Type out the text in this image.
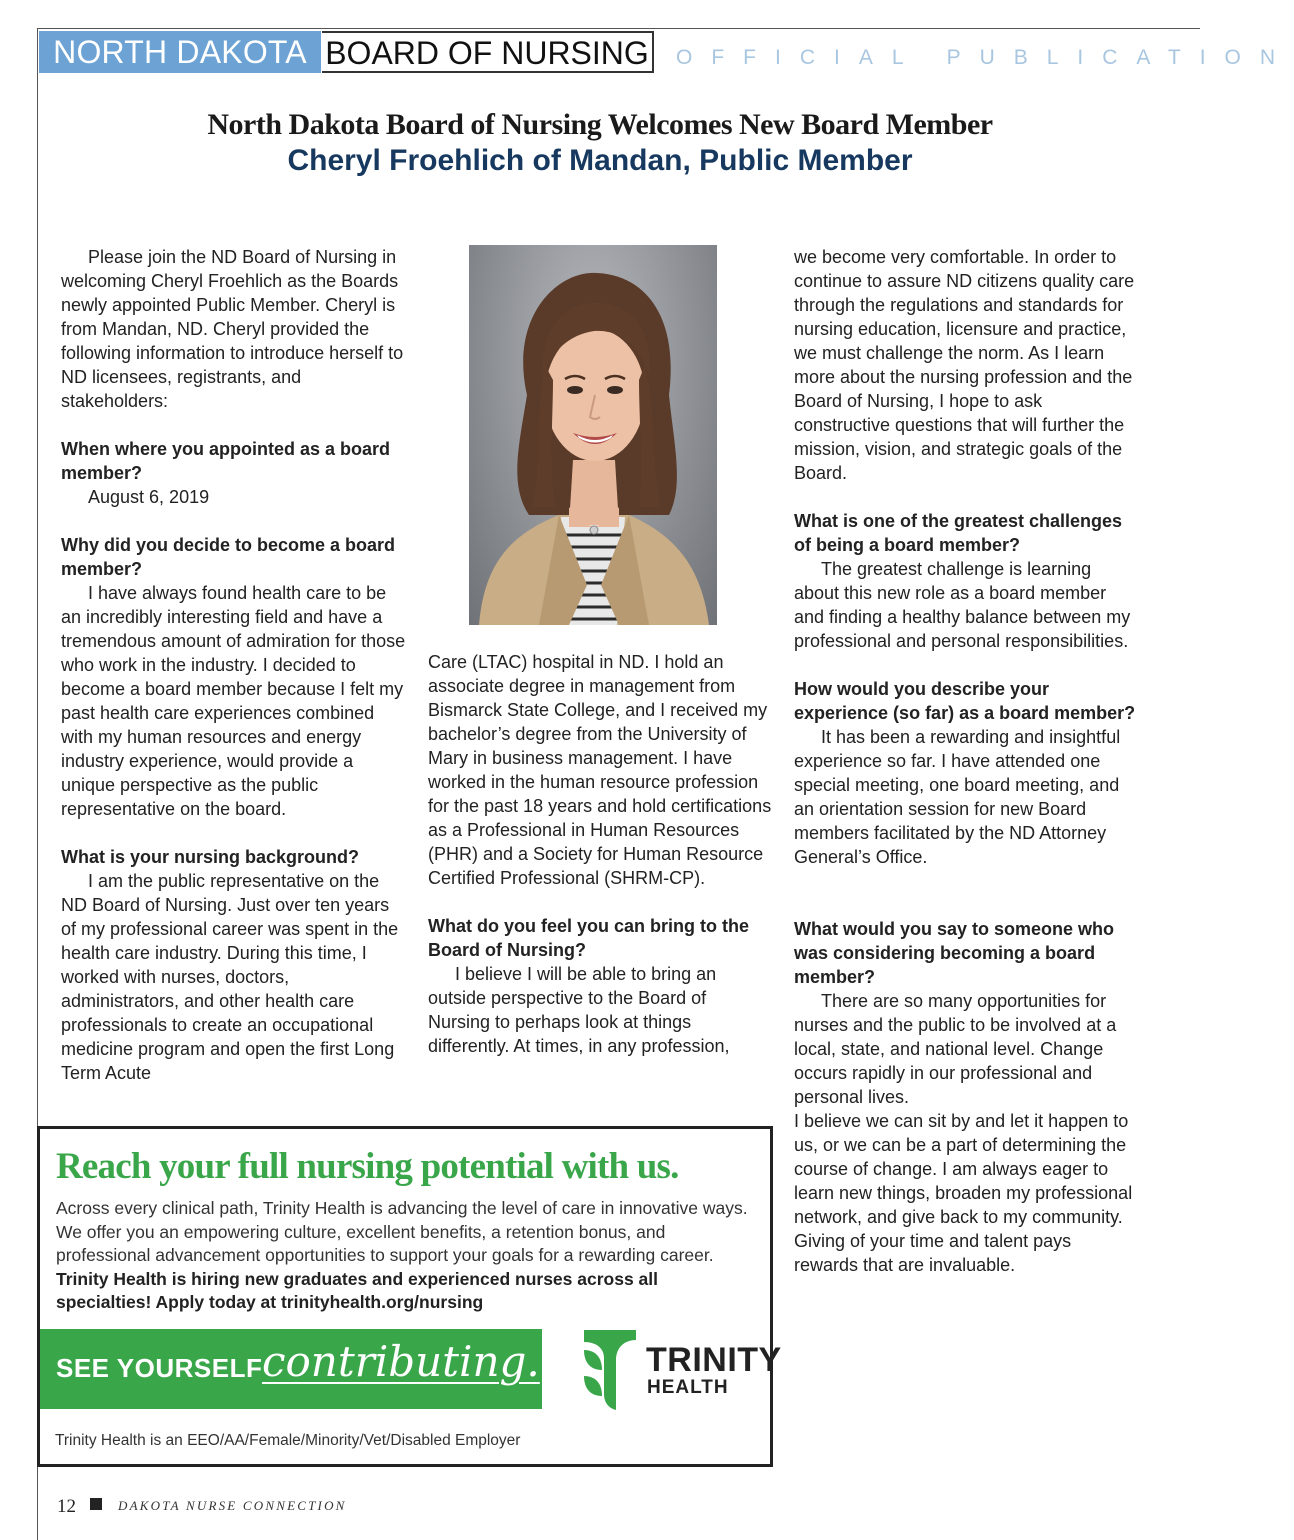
NORTH DAKOTA BOARD OF NURSING OFFICIAL PUBLICATION
North Dakota Board of Nursing Welcomes New Board Member
Cheryl Froehlich of Mandan, Public Member

Please join the ND Board of Nursing in welcoming Cheryl Froehlich as the Boards newly appointed Public Member. Cheryl is from Mandan, ND. Cheryl provided the following information to introduce herself to ND licensees, registrants, and stakeholders:

When where you appointed as a board member?

August 6, 2019

Why did you decide to become a board member?

I have always found health care to be an incredibly interesting field and have a tremendous amount of admiration for those who work in the industry. I decided to become a board member because I felt my past health care experiences combined with my human resources and energy industry experience, would provide a unique perspective as the public representative on the board.

What is your nursing background?

I am the public representative on the ND Board of Nursing. Just over ten years of my professional career was spent in the health care industry. During this time, I worked with nurses, doctors, administrators, and other health care professionals to create an occupational medicine program and open the first Long Term Acute

Care (LTAC) hospital in ND. I hold an associate degree in management from Bismarck State College, and I received my bachelor’s degree from the University of Mary in business management. I have worked in the human resource profession for the past 18 years and hold certifications as a Professional in Human Resources (PHR) and a Society for Human Resource Certified Professional (SHRM-CP).

What do you feel you can bring to the Board of Nursing?

I believe I will be able to bring an outside perspective to the Board of Nursing to perhaps look at things differently. At times, in any profession,

we become very comfortable. In order to continue to assure ND citizens quality care through the regulations and standards for nursing education, licensure and practice, we must challenge the norm. As I learn more about the nursing profession and the Board of Nursing, I hope to ask constructive questions that will further the mission, vision, and strategic goals of the Board.

What is one of the greatest challenges of being a board member?

The greatest challenge is learning about this new role as a board member and finding a healthy balance between my professional and personal responsibilities.

How would you describe your experience (so far) as a board member?

It has been a rewarding and insightful experience so far. I have attended one special meeting, one board meeting, and an orientation session for new Board members facilitated by the ND Attorney General’s Office.

What would you say to someone who was considering becoming a board member?

There are so many opportunities for nurses and the public to be involved at a local, state, and national level. Change occurs rapidly in our professional and personal lives.

I believe we can sit by and let it happen to us, or we can be a part of determining the course of change. I am always eager to learn new things, broaden my professional network, and give back to my community. Giving of your time and talent pays rewards that are invaluable.

Reach your full nursing potential with us.
Across every clinical path, Trinity Health is advancing the level of care in innovative ways. We offer you an empowering culture, excellent benefits, a retention bonus, and professional advancement opportunities to support your goals for a rewarding career. Trinity Health is hiring new graduates and experienced nurses across all specialties! Apply today at trinityhealth.org/nursing
SEE YOURSELF contributing.	TRINITY
HEALTH
Trinity Health is an EEO/AA/Female/Minority/Vet/Disabled Employer
12	DAKOTA NURSE CONNECTION
